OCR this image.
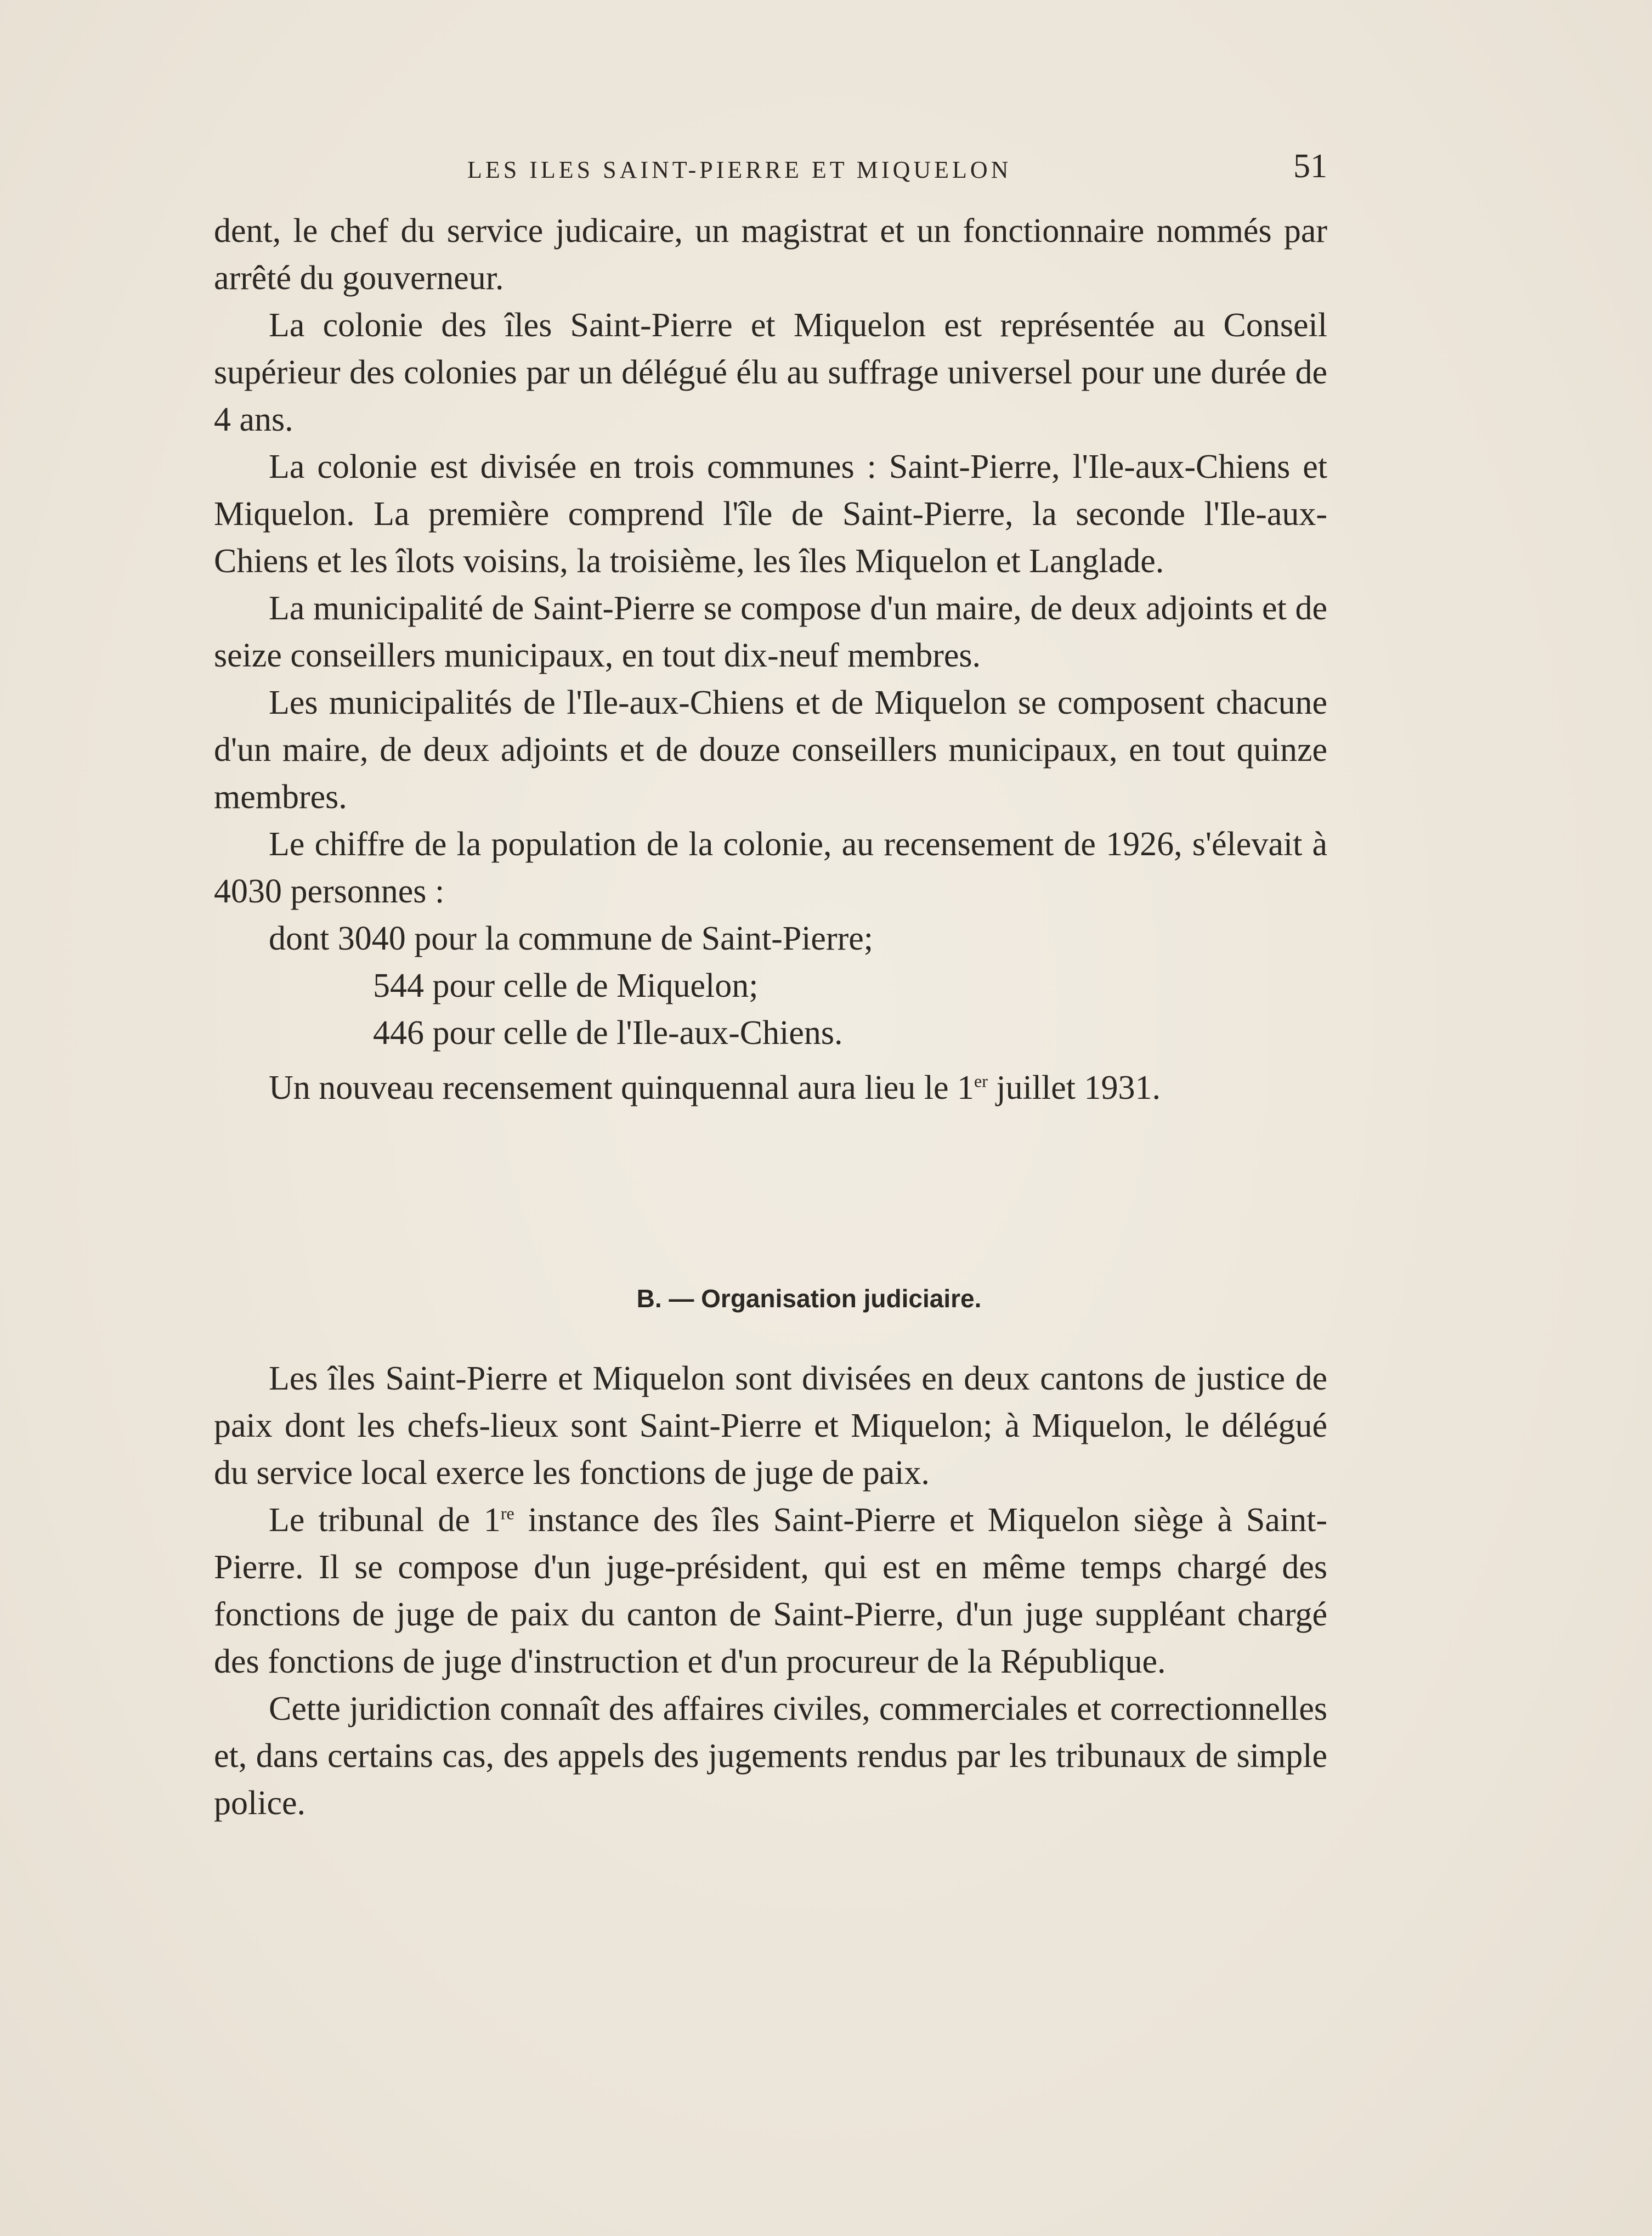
LES ILES SAINT-PIERRE ET MIQUELON	51

dent, le chef du service judicaire, un magistrat et un fonctionnaire nommés par arrêté du gouverneur.

La colonie des îles Saint-Pierre et Miquelon est représentée au Conseil supérieur des colonies par un délégué élu au suffrage universel pour une durée de 4 ans.

La colonie est divisée en trois communes : Saint-Pierre, l'Ile-aux-Chiens et Miquelon. La première comprend l'île de Saint-Pierre, la seconde l'Ile-aux-Chiens et les îlots voisins, la troisième, les îles Miquelon et Langlade.

La municipalité de Saint-Pierre se compose d'un maire, de deux adjoints et de seize conseillers municipaux, en tout dix-neuf membres.

Les municipalités de l'Ile-aux-Chiens et de Miquelon se composent chacune d'un maire, de deux adjoints et de douze conseillers municipaux, en tout quinze membres.

Le chiffre de la population de la colonie, au recensement de 1926, s'élevait à 4030 personnes :

dont 3040 pour la commune de Saint-Pierre;

544 pour celle de Miquelon;

446 pour celle de l'Ile-aux-Chiens.

Un nouveau recensement quinquennal aura lieu le 1er juillet 1931.

B. — Organisation judiciaire.

Les îles Saint-Pierre et Miquelon sont divisées en deux cantons de justice de paix dont les chefs-lieux sont Saint-Pierre et Miquelon; à Miquelon, le délégué du service local exerce les fonctions de juge de paix.

Le tribunal de 1re instance des îles Saint-Pierre et Miquelon siège à Saint-Pierre. Il se compose d'un juge-président, qui est en même temps chargé des fonctions de juge de paix du canton de Saint-Pierre, d'un juge suppléant chargé des fonctions de juge d'instruction et d'un procureur de la République.

Cette juridiction connaît des affaires civiles, commerciales et correctionnelles et, dans certains cas, des appels des jugements rendus par les tribunaux de simple police.
